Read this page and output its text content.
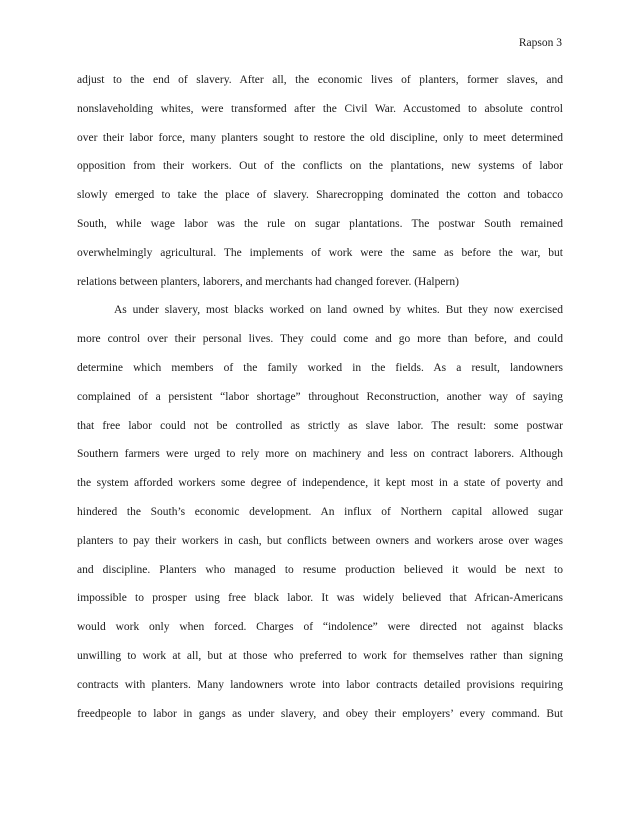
Rapson 3
adjust to the end of slavery. After all, the economic lives of planters, former slaves, and
nonslaveholding whites, were transformed after the Civil War. Accustomed to absolute control
over their labor force, many planters sought to restore the old discipline, only to meet determined
opposition from their workers. Out of the conflicts on the plantations, new systems of labor
slowly emerged to take the place of slavery. Sharecropping dominated the cotton and tobacco
South, while wage labor was the rule on sugar plantations. The postwar South remained
overwhelmingly agricultural. The implements of work were the same as before the war, but
relations between planters, laborers, and merchants had changed forever. (Halpern)
As under slavery, most blacks worked on land owned by whites. But they now exercised
more control over their personal lives. They could come and go more than before, and could
determine which members of the family worked in the fields. As a result, landowners
complained of a persistent “labor shortage” throughout Reconstruction, another way of saying
that free labor could not be controlled as strictly as slave labor. The result: some postwar
Southern farmers were urged to rely more on machinery and less on contract laborers. Although
the system afforded workers some degree of independence, it kept most in a state of poverty and
hindered the South’s economic development. An influx of Northern capital allowed sugar
planters to pay their workers in cash, but conflicts between owners and workers arose over wages
and discipline. Planters who managed to resume production believed it would be next to
impossible to prosper using free black labor. It was widely believed that African-Americans
would work only when forced. Charges of “indolence” were directed not against blacks
unwilling to work at all, but at those who preferred to work for themselves rather than signing
contracts with planters. Many landowners wrote into labor contracts detailed provisions requiring
freedpeople to labor in gangs as under slavery, and obey their employers’ every command. But
